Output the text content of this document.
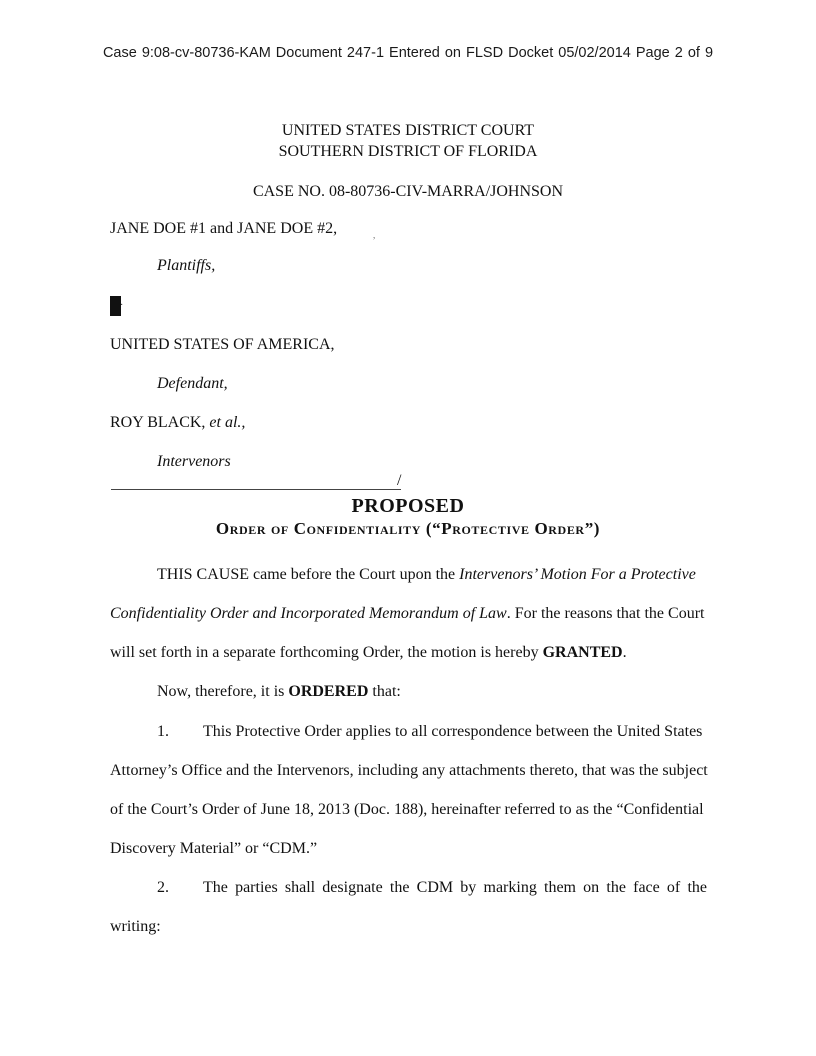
Case 9:08-cv-80736-KAM Document 247-1 Entered on FLSD Docket 05/02/2014 Page 2 of 9
UNITED STATES DISTRICT COURT
SOUTHERN DISTRICT OF FLORIDA
CASE NO. 08-80736-CIV-MARRA/JOHNSON
JANE DOE #1 and JANE DOE #2,	,
Plantiffs,
·
UNITED STATES OF AMERICA,
Defendant,
ROY BLACK, et al.,
Intervenors
/
PROPOSED
Order of Confidentiality (“Protective Order”)
THIS CAUSE came before the Court upon the Intervenors’ Motion For a Protective
Confidentiality Order and Incorporated Memorandum of Law. For the reasons that the Court
will set forth in a separate forthcoming Order, the motion is hereby GRANTED.
Now, therefore, it is ORDERED that:
1. This Protective Order applies to all correspondence between the United States
Attorney’s Office and the Intervenors, including any attachments thereto, that was the subject
of the Court’s Order of June 18, 2013 (Doc. 188), hereinafter referred to as the “Confidential
Discovery Material” or “CDM.”
2. The parties shall designate the CDM by marking them on the face of the
writing:
